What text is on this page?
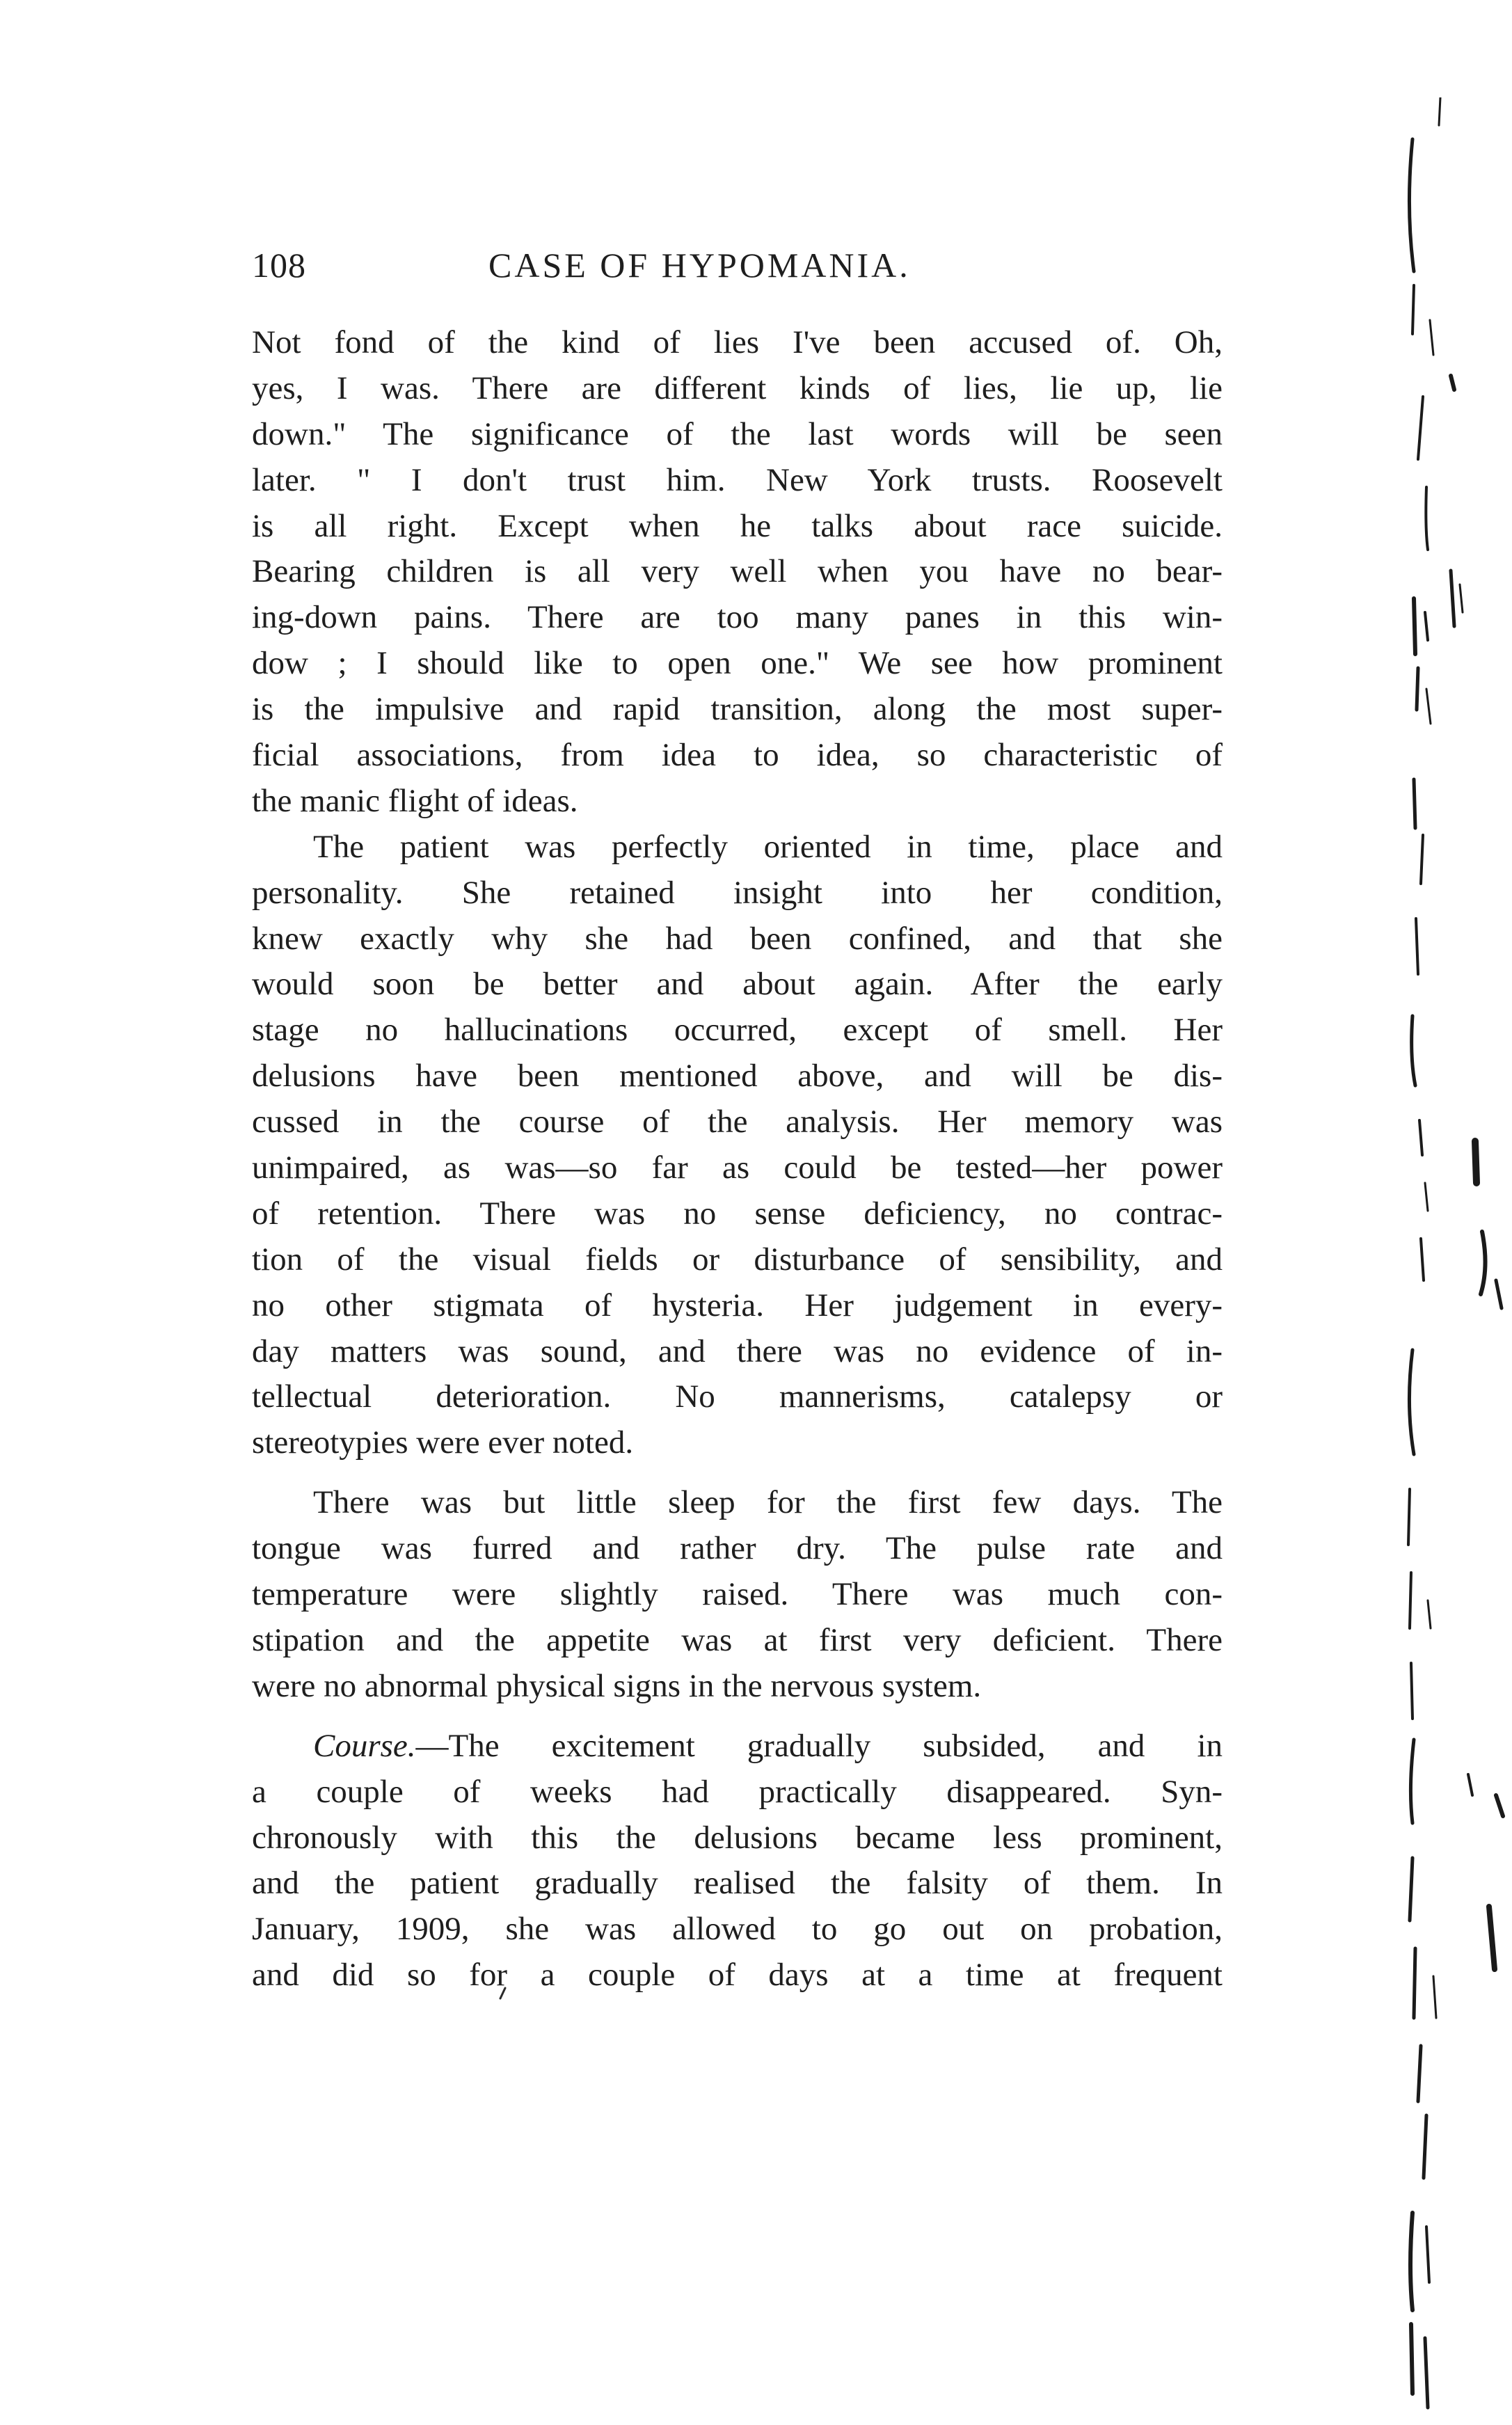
108	CASE OF HYPOMANIA.
Not fond of the kind of lies I've been accused of. Oh,
yes, I was. There are different kinds of lies, lie up, lie
down." The significance of the last words will be seen
later. " I don't trust him. New York trusts. Roosevelt
is all right. Except when he talks about race suicide.
Bearing children is all very well when you have no bear-
ing-down pains. There are too many panes in this win-
dow ; I should like to open one." We see how prominent
is the impulsive and rapid transition, along the most super-
ficial associations, from idea to idea, so characteristic of
the manic flight of ideas.
The patient was perfectly oriented in time, place and
personality. She retained insight into her condition,
knew exactly why she had been confined, and that she
would soon be better and about again. After the early
stage no hallucinations occurred, except of smell. Her
delusions have been mentioned above, and will be dis-
cussed in the course of the analysis. Her memory was
unimpaired, as was—so far as could be tested—her power
of retention. There was no sense deficiency, no contrac-
tion of the visual fields or disturbance of sensibility, and
no other stigmata of hysteria. Her judgement in every-
day matters was sound, and there was no evidence of in-
tellectual deterioration. No mannerisms, catalepsy or
stereotypies were ever noted.
There was but little sleep for the first few days. The
tongue was furred and rather dry. The pulse rate and
temperature were slightly raised. There was much con-
stipation and the appetite was at first very deficient. There
were no abnormal physical signs in the nervous system.
Course.—The excitement gradually subsided, and in
a couple of weeks had practically disappeared. Syn-
chronously with this the delusions became less prominent,
and the patient gradually realised the falsity of them. In
January, 1909, she was allowed to go out on probation,
and did so for a couple of days at a time at frequent
